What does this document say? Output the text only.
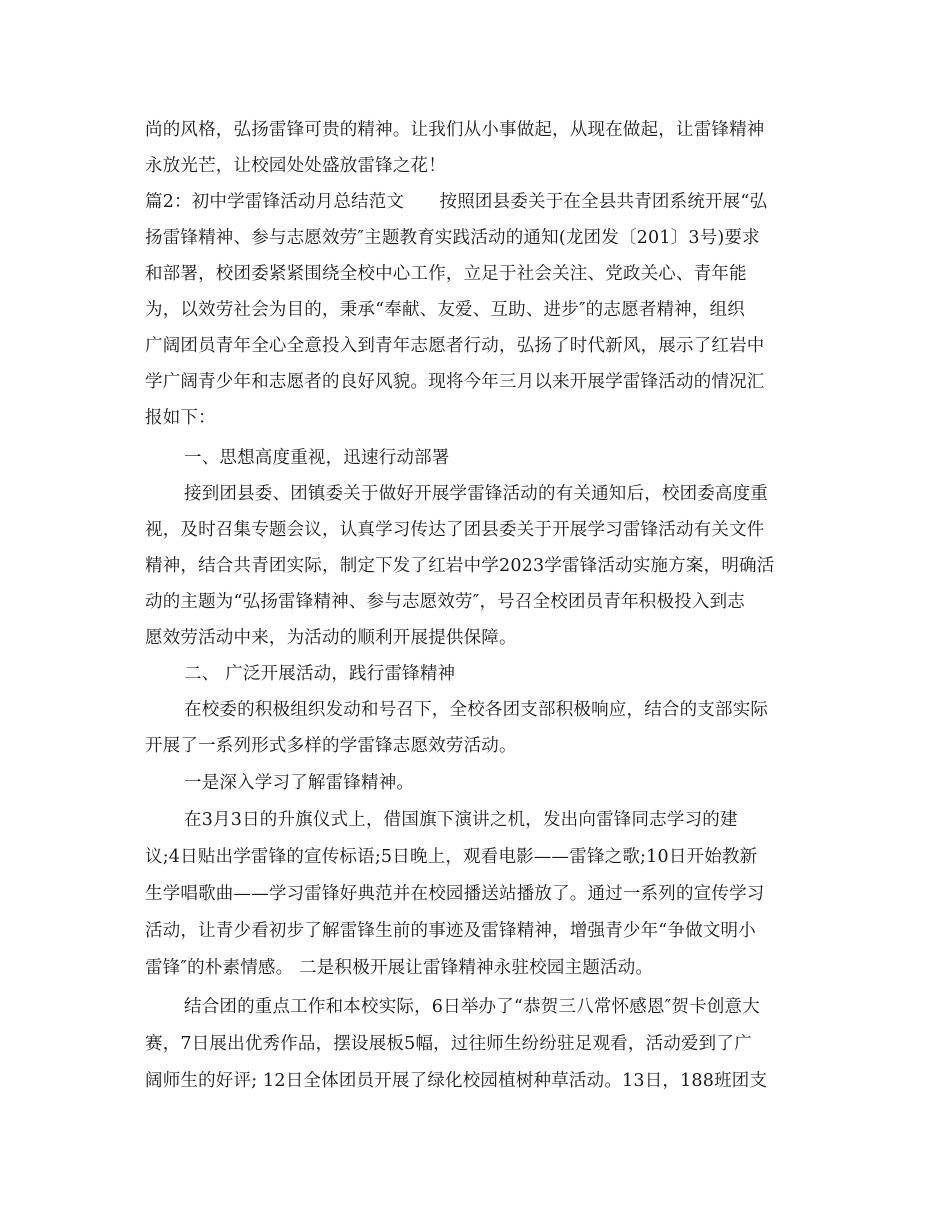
尚的风格，弘扬雷锋可贵的精神。让我们从小事做起，从现在做起，让雷锋精神
永放光芒，让校园处处盛放雷锋之花！
篇2：初中学雷锋活动月总结范文　　按照团县委关于在全县共青团系统开展“弘
扬雷锋精神、参与志愿效劳″主题教育实践活动的通知(龙团发〔201〕3号)要求
和部署，校团委紧紧围绕全校中心工作，立足于社会关注、党政关心、青年能
为，以效劳社会为目的，秉承“奉献、友爱、互助、进步″的志愿者精神，组织
广阔团员青年全心全意投入到青年志愿者行动，弘扬了时代新风，展示了红岩中
学广阔青少年和志愿者的良好风貌。现将今年三月以来开展学雷锋活动的情况汇
报如下：
一、思想高度重视，迅速行动部署
接到团县委、团镇委关于做好开展学雷锋活动的有关通知后，校团委高度重
视，及时召集专题会议，认真学习传达了团县委关于开展学习雷锋活动有关文件
精神，结合共青团实际，制定下发了红岩中学2023学雷锋活动实施方案，明确活
动的主题为“弘扬雷锋精神、参与志愿效劳″，号召全校团员青年积极投入到志
愿效劳活动中来，为活动的顺利开展提供保障。
二、 广泛开展活动，践行雷锋精神
在校委的积极组织发动和号召下，全校各团支部积极响应，结合的支部实际
开展了一系列形式多样的学雷锋志愿效劳活动。
一是深入学习了解雷锋精神。
在3月3日的升旗仪式上，借国旗下演讲之机，发出向雷锋同志学习的建
议;4日贴出学雷锋的宣传标语;5日晚上，观看电影——雷锋之歌;10日开始教新
生学唱歌曲——学习雷锋好典范并在校园播送站播放了。通过一系列的宣传学习
活动，让青少看初步了解雷锋生前的事迹及雷锋精神，增强青少年“争做文明小
雷锋″的朴素情感。 二是积极开展让雷锋精神永驻校园主题活动。
结合团的重点工作和本校实际，6日举办了“恭贺三八常怀感恩″贺卡创意大
赛，7日展出优秀作品，摆设展板5幅，过往师生纷纷驻足观看，活动爱到了广
阔师生的好评; 12日全体团员开展了绿化校园植树种草活动。13日，188班团支
